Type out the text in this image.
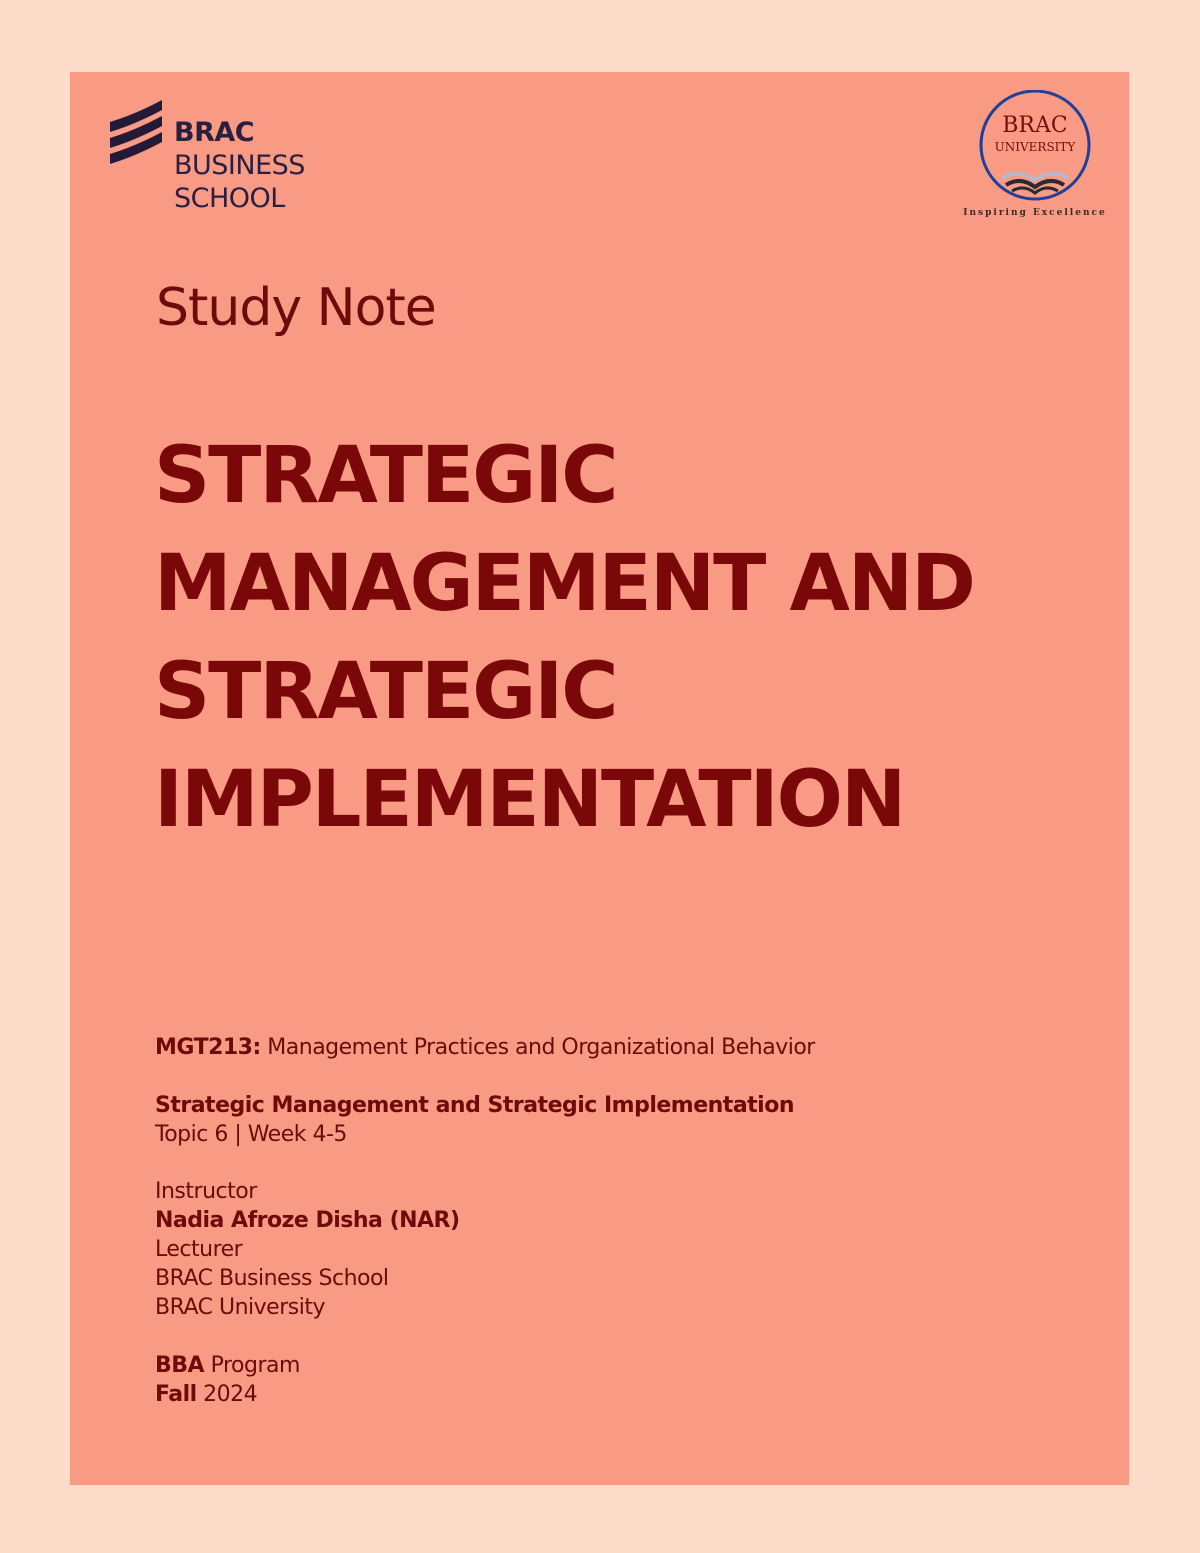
BRAC
BUSINESS
SCHOOL
BRAC
UNIVERSITY
Inspiring Excellence
Study Note
STRATEGIC
MANAGEMENT AND
STRATEGIC
IMPLEMENTATION
MGT213: Management Practices and Organizational Behavior
Strategic Management and Strategic Implementation
Topic 6 | Week 4-5
Instructor
Nadia Afroze Disha (NAR)
Lecturer
BRAC Business School
BRAC University
BBA Program
Fall 2024
